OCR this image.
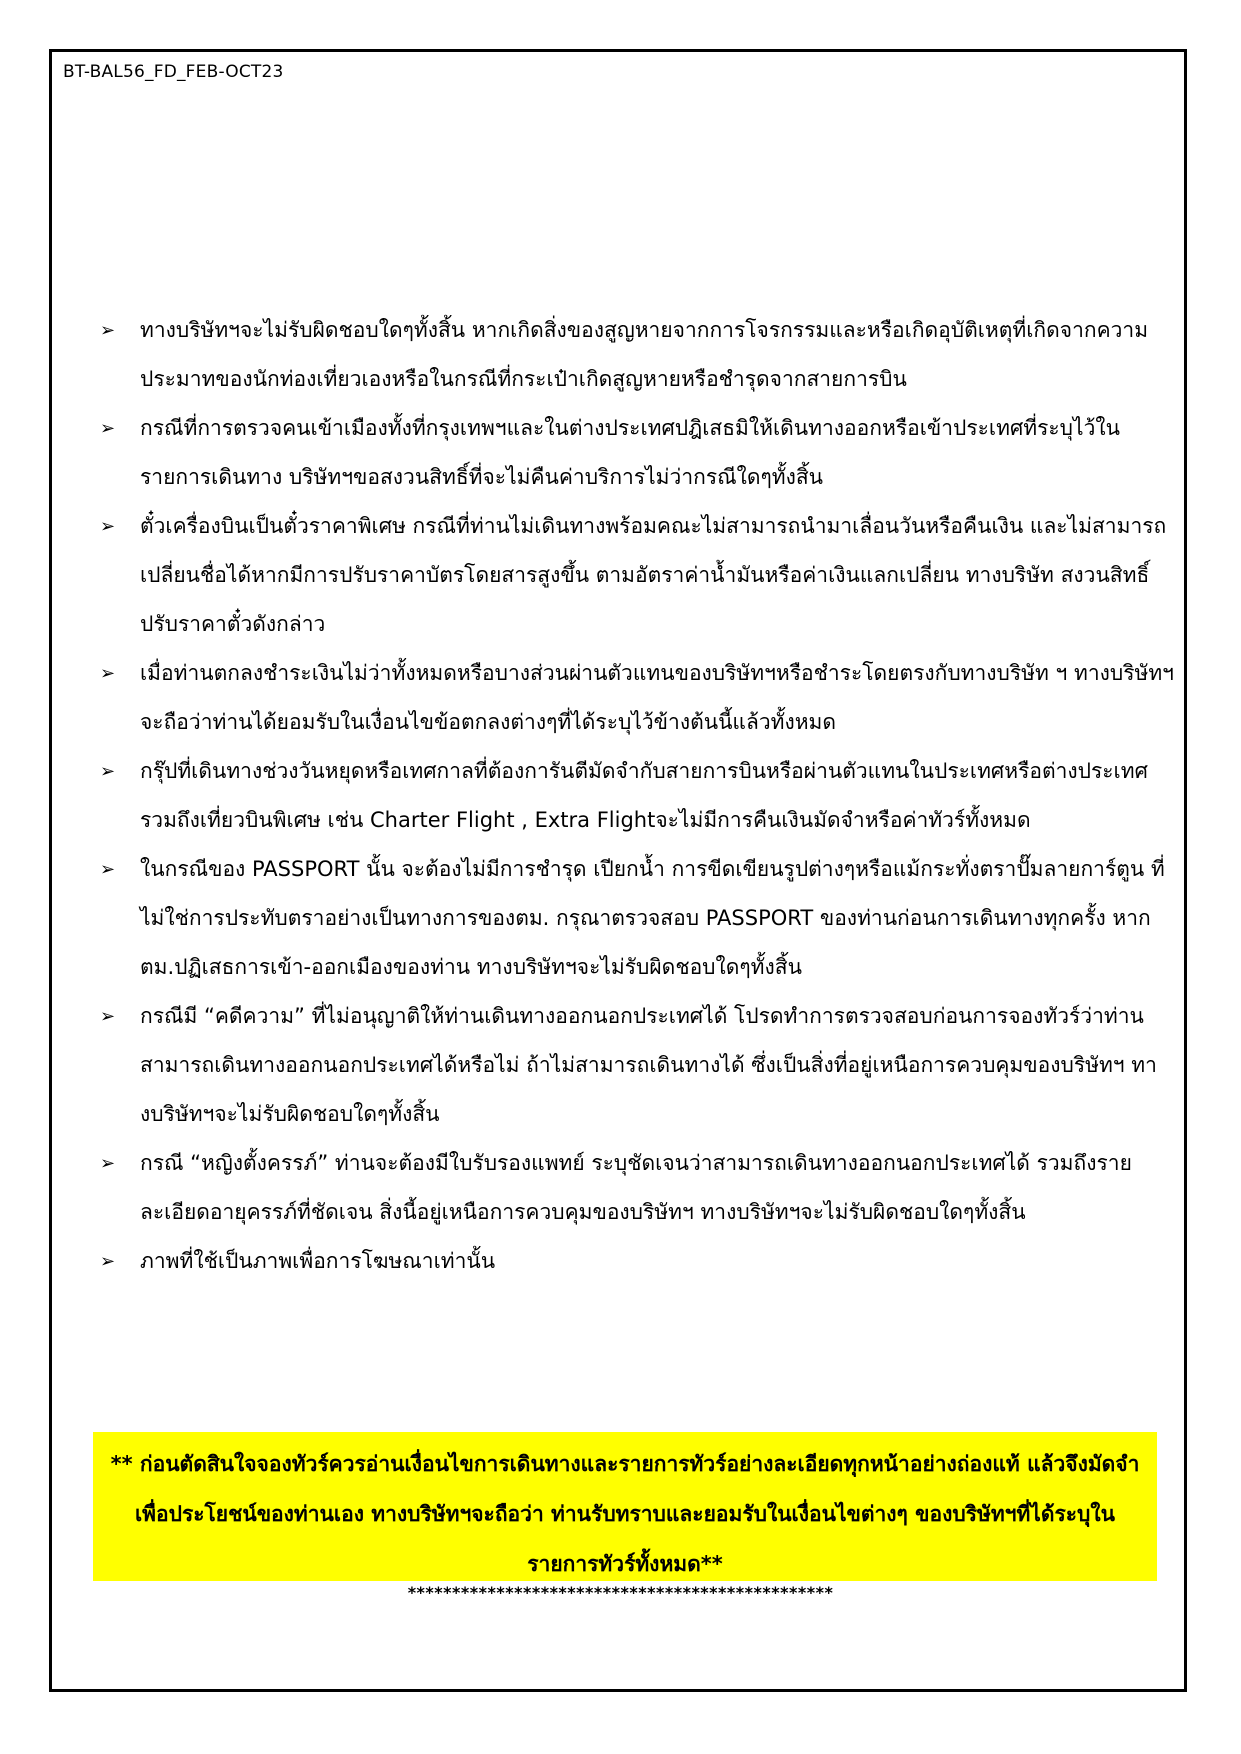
BT-BAL56_FD_FEB-OCT23
➢ ทางบริษัทฯจะไม่รับผิดชอบใดๆทั้งสิ้น หากเกิดสิ่งของสูญหายจากการโจรกรรมและหรือเกิดอุบัติเหตุที่เกิดจากความประมาทของนักท่องเที่ยวเองหรือในกรณีที่กระเป๋าเกิดสูญหายหรือชำรุดจากสายการบิน
➢ กรณีที่การตรวจคนเข้าเมืองทั้งที่กรุงเทพฯและในต่างประเทศปฎิเสธมิให้เดินทางออกหรือเข้าประเทศที่ระบุไว้ในรายการเดินทาง บริษัทฯขอสงวนสิทธิ์ที่จะไม่คืนค่าบริการไม่ว่ากรณีใดๆทั้งสิ้น
➢ ตั๋วเครื่องบินเป็นตั๋วราคาพิเศษ กรณีที่ท่านไม่เดินทางพร้อมคณะไม่สามารถนำมาเลื่อนวันหรือคืนเงิน และไม่สามารถเปลี่ยนชื่อได้หากมีการปรับราคาบัตรโดยสารสูงขึ้น ตามอัตราค่าน้ำมันหรือค่าเงินแลกเปลี่ยน ทางบริษัท สงวนสิทธิ์ปรับราคาตั๋วดังกล่าว
➢ เมื่อท่านตกลงชำระเงินไม่ว่าทั้งหมดหรือบางส่วนผ่านตัวแทนของบริษัทฯหรือชำระโดยตรงกับทางบริษัท ฯ ทางบริษัทฯจะถือว่าท่านได้ยอมรับในเงื่อนไขข้อตกลงต่างๆที่ได้ระบุไว้ข้างต้นนี้แล้วทั้งหมด
➢ กรุ๊ปที่เดินทางช่วงวันหยุดหรือเทศกาลที่ต้องการันตีมัดจำกับสายการบินหรือผ่านตัวแทนในประเทศหรือต่างประเทศ รวมถึงเที่ยวบินพิเศษ เช่น Charter Flight , Extra Flightจะไม่มีการคืนเงินมัดจำหรือค่าทัวร์ทั้งหมด
➢ ในกรณีของ PASSPORT นั้น จะต้องไม่มีการชำรุด เปียกน้ำ การขีดเขียนรูปต่างๆหรือแม้กระทั่งตราปั๊มลายการ์ตูน ที่ไม่ใช่การประทับตราอย่างเป็นทางการของตม. กรุณาตรวจสอบ PASSPORT ของท่านก่อนการเดินทางทุกครั้ง หาก ตม.ปฏิเสธการเข้า-ออกเมืองของท่าน ทางบริษัทฯจะไม่รับผิดชอบใดๆทั้งสิ้น
➢ กรณีมี “คดีความ” ที่ไม่อนุญาติให้ท่านเดินทางออกนอกประเทศได้ โปรดทำการตรวจสอบก่อนการจองทัวร์ว่าท่านสามารถเดินทางออกนอกประเทศได้หรือไม่ ถ้าไม่สามารถเดินทางได้ ซึ่งเป็นสิ่งที่อยู่เหนือการควบคุมของบริษัทฯ ทางบริษัทฯจะไม่รับผิดชอบใดๆทั้งสิ้น
➢ กรณี “หญิงตั้งครรภ์” ท่านจะต้องมีใบรับรองแพทย์ ระบุชัดเจนว่าสามารถเดินทางออกนอกประเทศได้ รวมถึงรายละเอียดอายุครรภ์ที่ชัดเจน สิ่งนี้อยู่เหนือการควบคุมของบริษัทฯ ทางบริษัทฯจะไม่รับผิดชอบใดๆทั้งสิ้น
➢ ภาพที่ใช้เป็นภาพเพื่อการโฆษณาเท่านั้น
** ก่อนตัดสินใจจองทัวร์ควรอ่านเงื่อนไขการเดินทางและรายการทัวร์อย่างละเอียดทุกหน้าอย่างถ่องแท้ แล้วจึงมัดจำเพื่อประโยชน์ของท่านเอง ทางบริษัทฯจะถือว่า ท่านรับทราบและยอมรับในเงื่อนไขต่างๆ ของบริษัทฯที่ได้ระบุในรายการทัวร์ทั้งหมด**
************************************************
